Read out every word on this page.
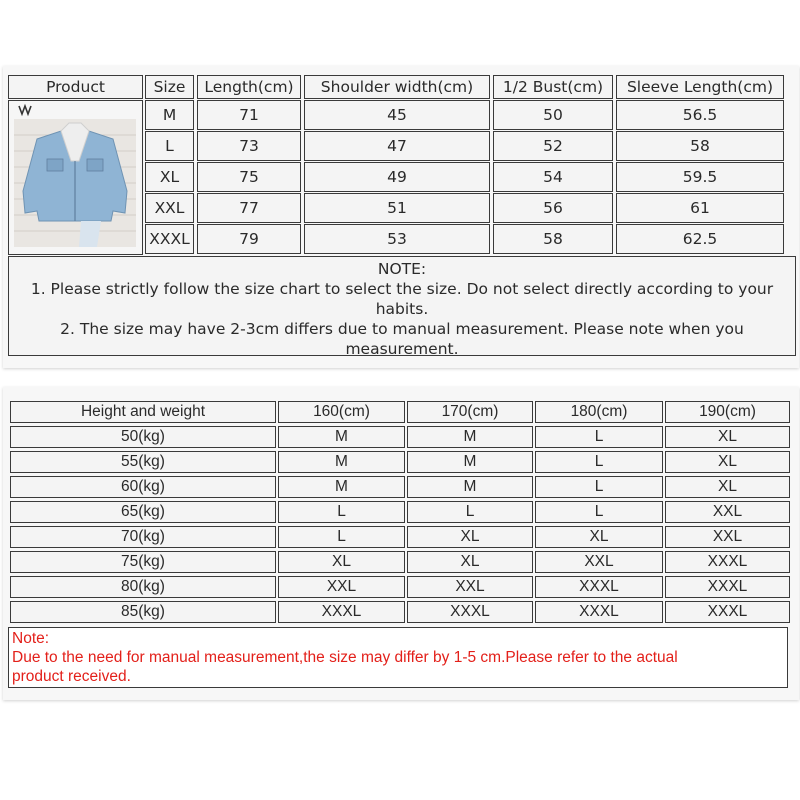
Product	Size	Length(cm)	Shoulder width(cm)	1/2 Bust(cm)	Sleeve Length(cm)
M	71	45	50	56.5
L	73	47	52	58
XL	75	49	54	59.5
XXL	77	51	56	61
XXXL	79	53	58	62.5
NOTE:
1. Please strictly follow the size chart to select the size. Do not select directly according to your
habits.
2. The size may have 2-3cm differs due to manual measurement. Please note when you
measurement.
Height and weight	160(cm)	170(cm)	180(cm)	190(cm)
50(kg)	M	M	L	XL
55(kg)	M	M	L	XL
60(kg)	M	M	L	XL
65(kg)	L	L	L	XXL
70(kg)	L	XL	XL	XXL
75(kg)	XL	XL	XXL	XXXL
80(kg)	XXL	XXL	XXXL	XXXL
85(kg)	XXXL	XXXL	XXXL	XXXL
Note:
Due to the need for manual measurement,the size may differ by 1-5 cm.Please refer to the actual
product received.
